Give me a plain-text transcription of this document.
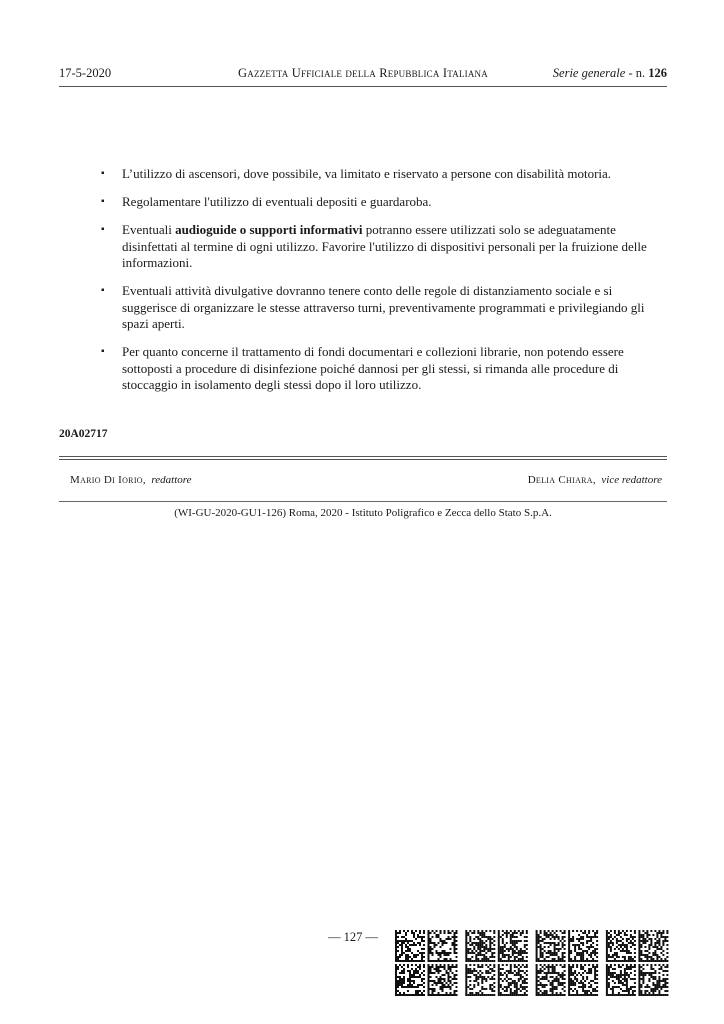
17-5-2020	Gazzetta Ufficiale della Repubblica Italiana	Serie generale - n. 126
▪ L’utilizzo di ascensori, dove possibile, va limitato e riservato a persone con disabilità motoria.
▪ Regolamentare l'utilizzo di eventuali depositi e guardaroba.
▪ Eventuali audioguide o supporti informativi potranno essere utilizzati solo se adeguatamente disinfettati al termine di ogni utilizzo. Favorire l'utilizzo di dispositivi personali per la fruizione delle informazioni.
▪ Eventuali attività divulgative dovranno tenere conto delle regole di distanziamento sociale e si suggerisce di organizzare le stesse attraverso turni, preventivamente programmati e privilegiando gli spazi aperti.
▪ Per quanto concerne il trattamento di fondi documentari e collezioni librarie, non potendo essere sottoposti a procedure di disinfezione poiché dannosi per gli stessi, si rimanda alle procedure di stoccaggio in isolamento degli stessi dopo il loro utilizzo.
20A02717
Mario Di Iorio, redattore	Delia Chiara, vice redattore
(WI-GU-2020-GU1-126) Roma, 2020 - Istituto Poligrafico e Zecca dello Stato S.p.A.
— 127 —
